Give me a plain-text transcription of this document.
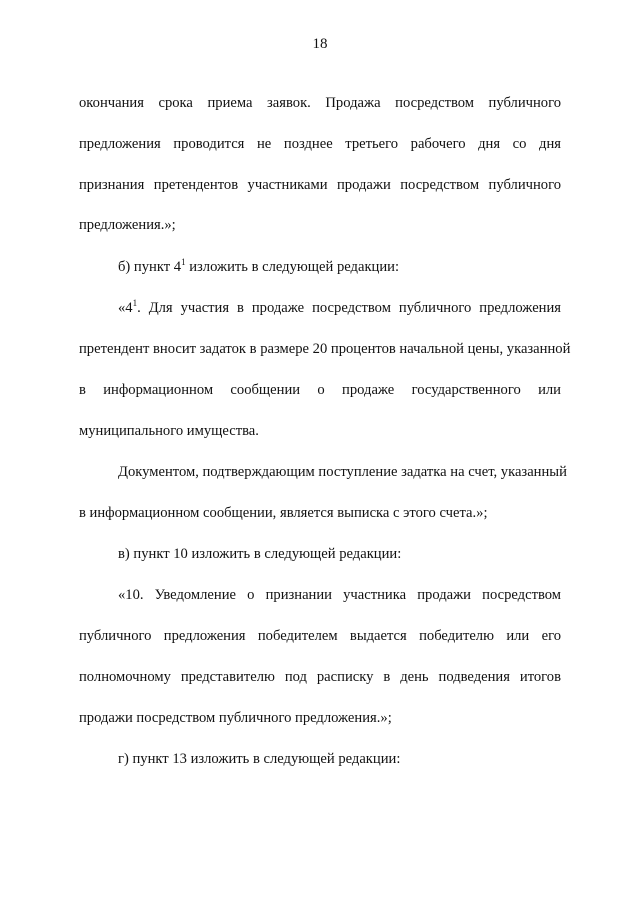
18
окончания срока приема заявок. Продажа посредством публичного
предложения проводится не позднее третьего рабочего дня со дня
признания претендентов участниками продажи посредством публичного
предложения.»;
б) пункт $4^1$ изложить в следующей редакции:
«$4^1$. Для участия в продаже посредством публичного предложения
претендент вносит задаток в размере 20 процентов начальной цены, указанной
в информационном сообщении о продаже государственного или
муниципального имущества.
Документом, подтверждающим поступление задатка на счет, указанный
в информационном сообщении, является выписка с этого счета.»;
в) пункт 10 изложить в следующей редакции:
«10. Уведомление о признании участника продажи посредством
публичного предложения победителем выдается победителю или его
полномочному представителю под расписку в день подведения итогов
продажи посредством публичного предложения.»;
г) пункт 13 изложить в следующей редакции:
